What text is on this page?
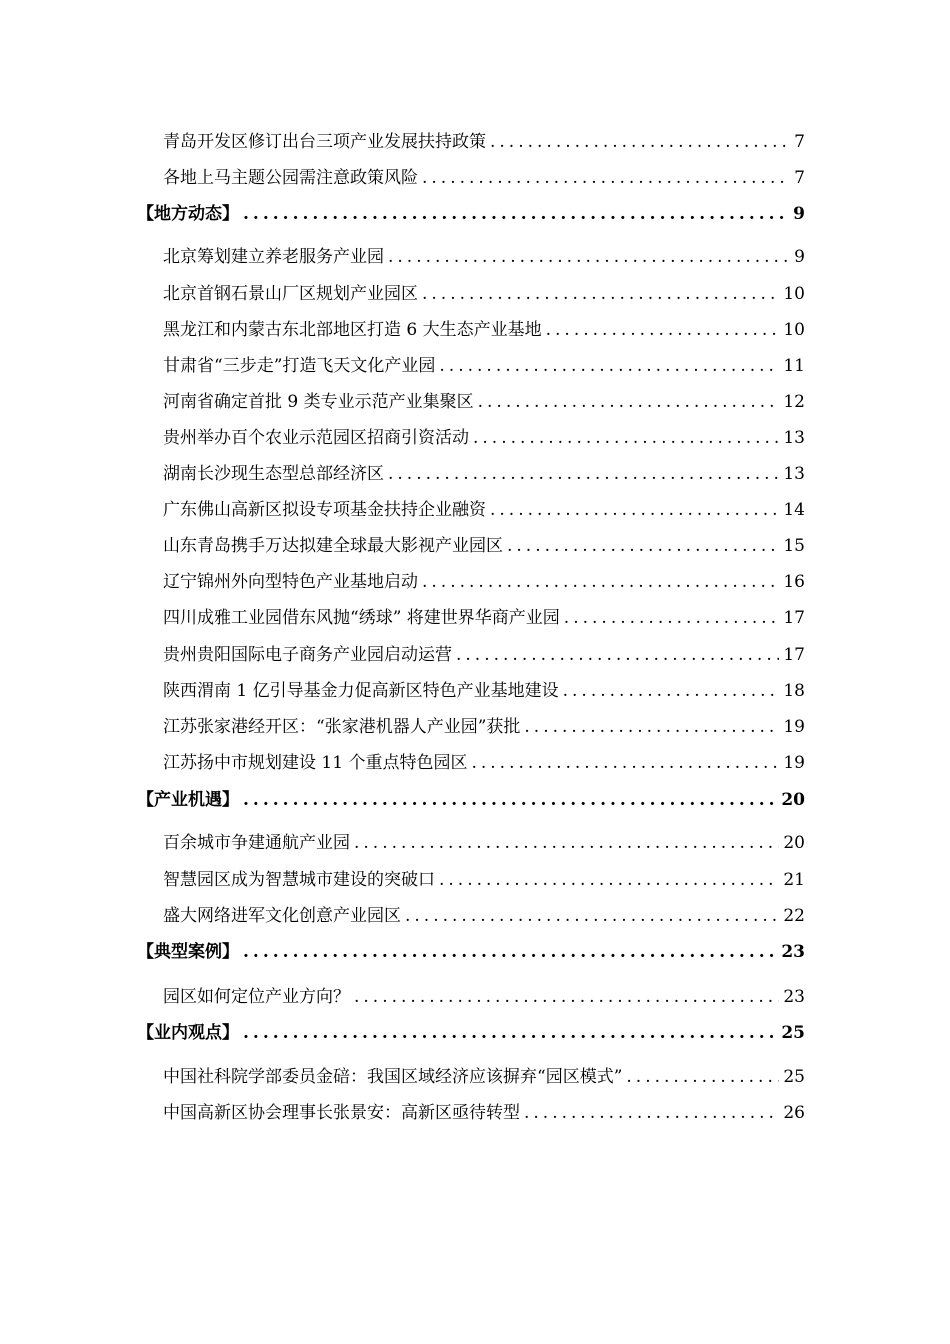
青岛开发区修订出台三项产业发展扶持政策 .....	7
各地上马主题公园需注意政策风险 .....	7
【地方动态】 .....	9
北京筹划建立养老服务产业园 .....	9
北京首钢石景山厂区规划产业园区 .....	10
黑龙江和内蒙古东北部地区打造 6 大生态产业基地 .....	10
甘肃省“三步走”打造飞天文化产业园 .....	11
河南省确定首批 9 类专业示范产业集聚区 .....	12
贵州举办百个农业示范园区招商引资活动 .....	13
湖南长沙现生态型总部经济区 .....	13
广东佛山高新区拟设专项基金扶持企业融资 .....	14
山东青岛携手万达拟建全球最大影视产业园区 .....	15
辽宁锦州外向型特色产业基地启动 .....	16
四川成雅工业园借东风抛“绣球” 将建世界华商产业园 .....	17
贵州贵阳国际电子商务产业园启动运营 .....	17
陕西渭南 1 亿引导基金力促高新区特色产业基地建设 .....	18
江苏张家港经开区：“张家港机器人产业园”获批 .....	19
江苏扬中市规划建设 11 个重点特色园区 .....	19
【产业机遇】 .....	20
百余城市争建通航产业园 .....	20
智慧园区成为智慧城市建设的突破口 .....	21
盛大网络进军文化创意产业园区 .....	22
【典型案例】 .....	23
园区如何定位产业方向？ .....	23
【业内观点】 .....	25
中国社科院学部委员金碚：我国区域经济应该摒弃“园区模式” .....	25
中国高新区协会理事长张景安：高新区亟待转型 .....	26
